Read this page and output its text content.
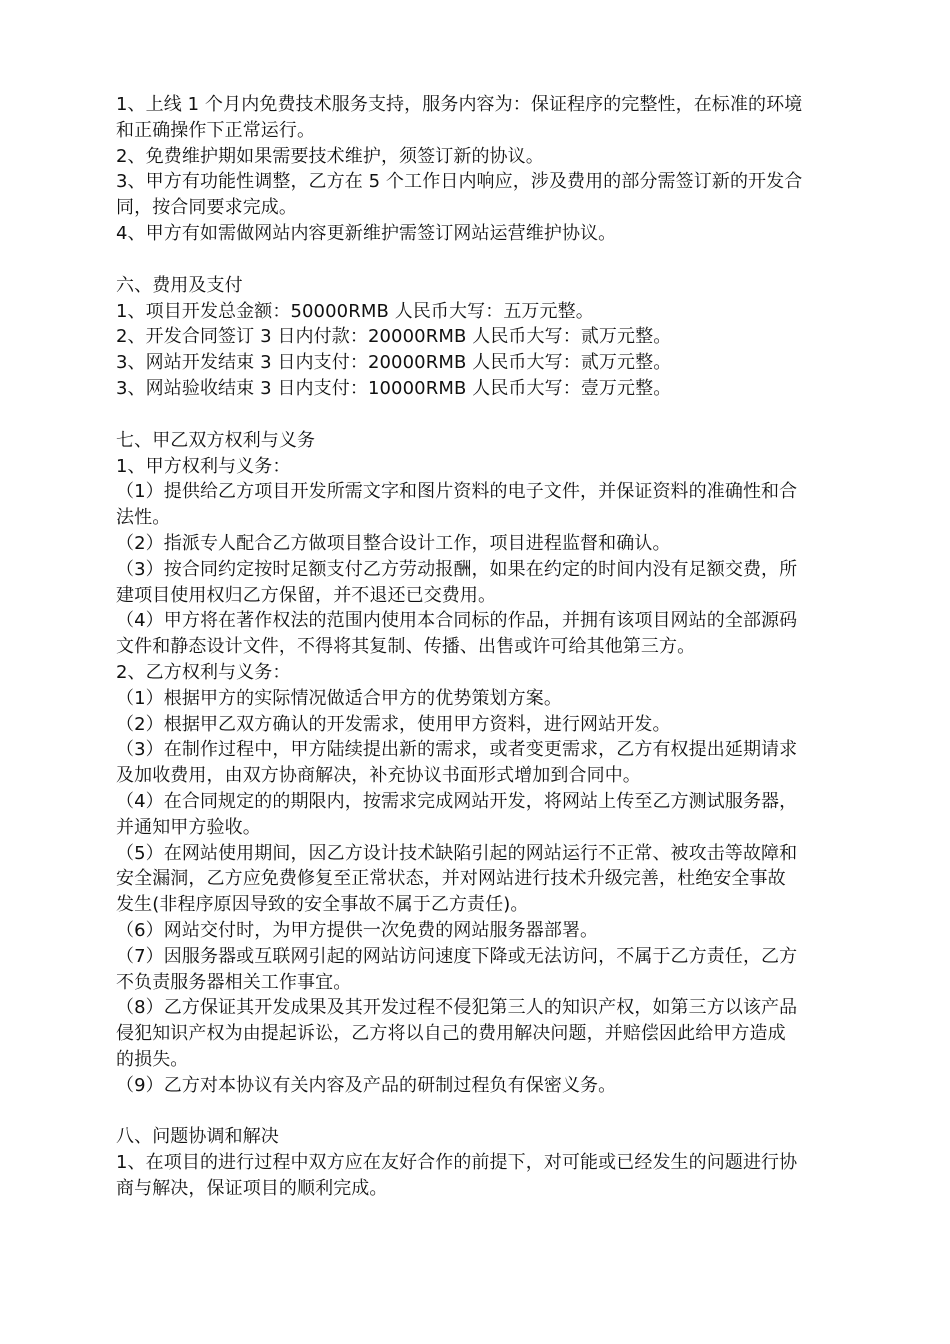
1、上线 1 个月内免费技术服务支持，服务内容为：保证程序的完整性，在标准的环境
和正确操作下正常运行。
2、免费维护期如果需要技术维护，须签订新的协议。
3、甲方有功能性调整，乙方在 5 个工作日内响应，涉及费用的部分需签订新的开发合
同，按合同要求完成。
4、甲方有如需做网站内容更新维护需签订网站运营维护协议。
六、费用及支付
1、项目开发总金额：50000RMB 人民币大写：五万元整。
2、开发合同签订 3 日内付款：20000RMB 人民币大写：贰万元整。
3、网站开发结束 3 日内支付：20000RMB 人民币大写：贰万元整。
3、网站验收结束 3 日内支付：10000RMB 人民币大写：壹万元整。
七、甲乙双方权利与义务
1、甲方权利与义务：
（1）提供给乙方项目开发所需文字和图片资料的电子文件，并保证资料的准确性和合
法性。
（2）指派专人配合乙方做项目整合设计工作，项目进程监督和确认。
（3）按合同约定按时足额支付乙方劳动报酬，如果在约定的时间内没有足额交费，所
建项目使用权归乙方保留，并不退还已交费用。
（4）甲方将在著作权法的范围内使用本合同标的作品，并拥有该项目网站的全部源码
文件和静态设计文件，不得将其复制、传播、出售或许可给其他第三方。
2、乙方权利与义务：
（1）根据甲方的实际情况做适合甲方的优势策划方案。
（2）根据甲乙双方确认的开发需求，使用甲方资料，进行网站开发。
（3）在制作过程中，甲方陆续提出新的需求，或者变更需求，乙方有权提出延期请求
及加收费用，由双方协商解决，补充协议书面形式增加到合同中。
（4）在合同规定的的期限内，按需求完成网站开发，将网站上传至乙方测试服务器，
并通知甲方验收。
（5）在网站使用期间，因乙方设计技术缺陷引起的网站运行不正常、被攻击等故障和
安全漏洞，乙方应免费修复至正常状态，并对网站进行技术升级完善，杜绝安全事故
发生(非程序原因导致的安全事故不属于乙方责任)。
（6）网站交付时，为甲方提供一次免费的网站服务器部署。
（7）因服务器或互联网引起的网站访问速度下降或无法访问，不属于乙方责任，乙方
不负责服务器相关工作事宜。
（8）乙方保证其开发成果及其开发过程不侵犯第三人的知识产权，如第三方以该产品
侵犯知识产权为由提起诉讼，乙方将以自己的费用解决问题，并赔偿因此给甲方造成
的损失。
（9）乙方对本协议有关内容及产品的研制过程负有保密义务。
八、问题协调和解决
1、在项目的进行过程中双方应在友好合作的前提下，对可能或已经发生的问题进行协
商与解决，保证项目的顺利完成。
